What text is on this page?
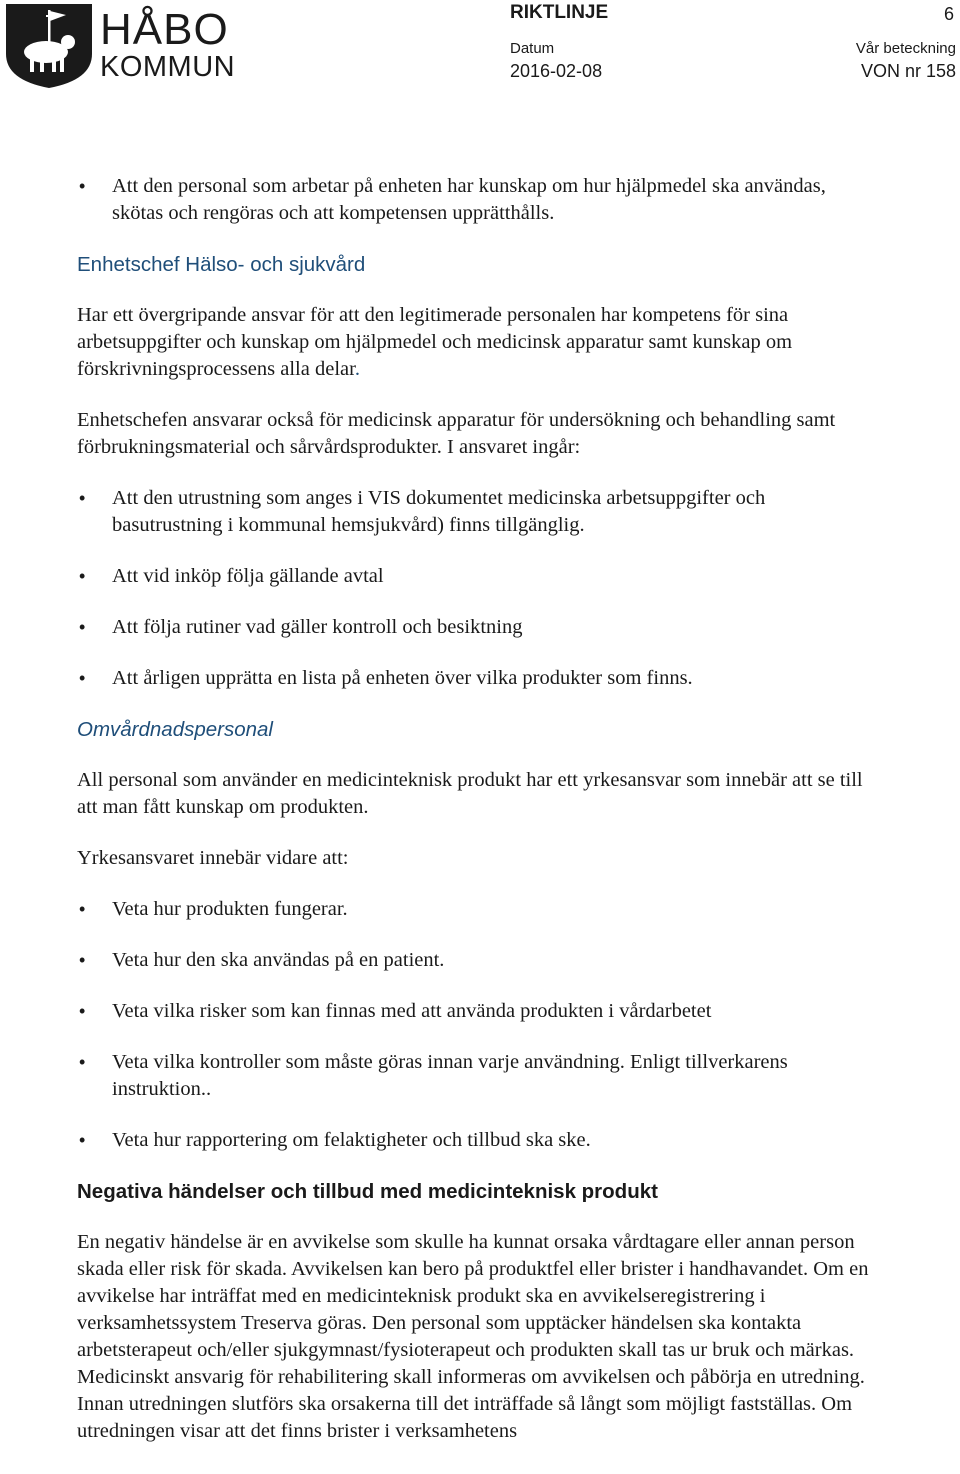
HÅBO
KOMMUN
RIKTLINJE	6
Datum
2016-02-08
Vår beteckning
VON nr 158
• Att den personal som arbetar på enheten har kunskap om hur hjälpmedel ska användas, skötas och rengöras och att kompetensen upprätthålls.
Enhetschef Hälso- och sjukvård

Har ett övergripande ansvar för att den legitimerade personalen har kompetens för sina arbetsuppgifter och kunskap om hjälpmedel och medicinsk apparatur samt kunskap om förskrivningsprocessens alla delar.

Enhetschefen ansvarar också för medicinsk apparatur för undersökning och behandling samt förbrukningsmaterial och sårvårdsprodukter. I ansvaret ingår:

• Att den utrustning som anges i VIS dokumentet medicinska arbetsuppgifter och basutrustning i kommunal hemsjukvård) finns tillgänglig.
• Att vid inköp följa gällande avtal
• Att följa rutiner vad gäller kontroll och besiktning
• Att årligen upprätta en lista på enheten över vilka produkter som finns.
Omvårdnadspersonal

All personal som använder en medicinteknisk produkt har ett yrkesansvar som innebär att se till att man fått kunskap om produkten.

Yrkesansvaret innebär vidare att:

• Veta hur produkten fungerar.
• Veta hur den ska användas på en patient.
• Veta vilka risker som kan finnas med att använda produkten i vårdarbetet
• Veta vilka kontroller som måste göras innan varje användning. Enligt tillverkarens instruktion..
• Veta hur rapportering om felaktigheter och tillbud ska ske.
Negativa händelser och tillbud med medicinteknisk produkt

En negativ händelse är en avvikelse som skulle ha kunnat orsaka vårdtagare eller annan person skada eller risk för skada. Avvikelsen kan bero på produktfel eller brister i handhavandet. Om en avvikelse har inträffat med en medicinteknisk produkt ska en avvikelseregistrering i verksamhetssystem Treserva göras. Den personal som upptäcker händelsen ska kontakta arbetsterapeut och/eller sjukgymnast/fysioterapeut och produkten skall tas ur bruk och märkas. Medicinskt ansvarig för rehabilitering skall informeras om avvikelsen och påbörja en utredning. Innan utredningen slutförs ska orsakerna till det inträffade så långt som möjligt fastställas. Om utredningen visar att det finns brister i verksamhetens
